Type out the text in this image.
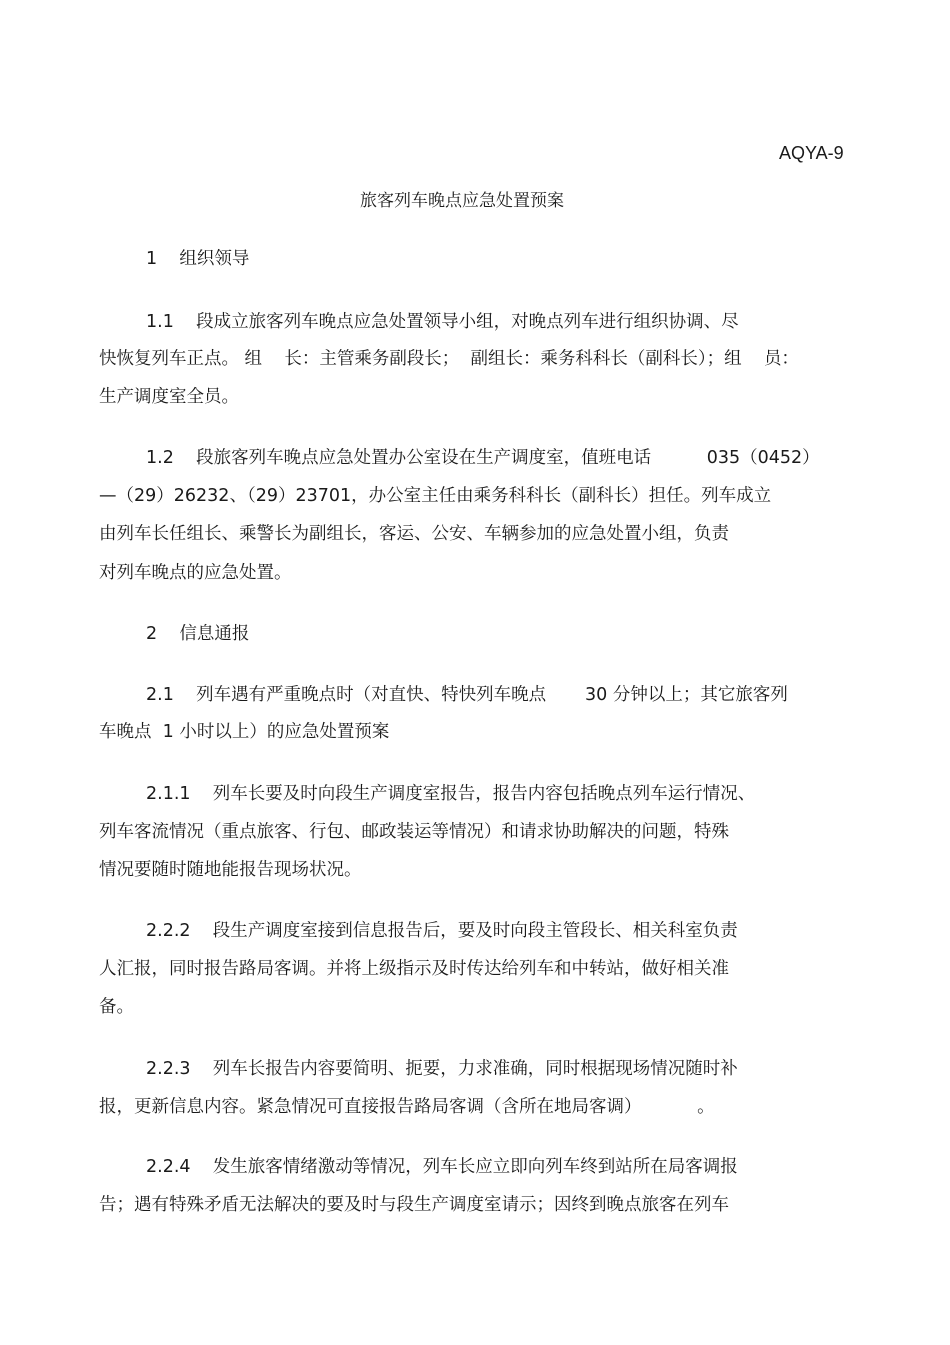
AQYA-9
旅客列车晚点应急处置预案
1    组织领导
1.1    段成立旅客列车晚点应急处置领导小组，对晚点列车进行组织协调、尽
快恢复列车正点。 组    长：主管乘务副段长；  副组长：乘务科科长（副科长）；组    员：
生产调度室全员。
1.2    段旅客列车晚点应急处置办公室设在生产调度室，值班电话          035（0452）
—（29）26232、（29）23701，办公室主任由乘务科科长（副科长）担任。列车成立
由列车长任组长、乘警长为副组长，客运、公安、车辆参加的应急处置小组，负责
对列车晚点的应急处置。
2    信息通报
2.1    列车遇有严重晚点时（对直快、特快列车晚点       30 分钟以上；其它旅客列
车晚点  1 小时以上）的应急处置预案
2.1.1    列车长要及时向段生产调度室报告，报告内容包括晚点列车运行情况、
列车客流情况（重点旅客、行包、邮政装运等情况）和请求协助解决的问题，特殊
情况要随时随地能报告现场状况。
2.2.2    段生产调度室接到信息报告后，要及时向段主管段长、相关科室负责
人汇报，同时报告路局客调。并将上级指示及时传达给列车和中转站，做好相关准
备。
2.2.3    列车长报告内容要简明、扼要，力求准确，同时根据现场情况随时补
报，更新信息内容。紧急情况可直接报告路局客调（含所在地局客调）          。
2.2.4    发生旅客情绪激动等情况，列车长应立即向列车终到站所在局客调报
告；遇有特殊矛盾无法解决的要及时与段生产调度室请示；因终到晚点旅客在列车
